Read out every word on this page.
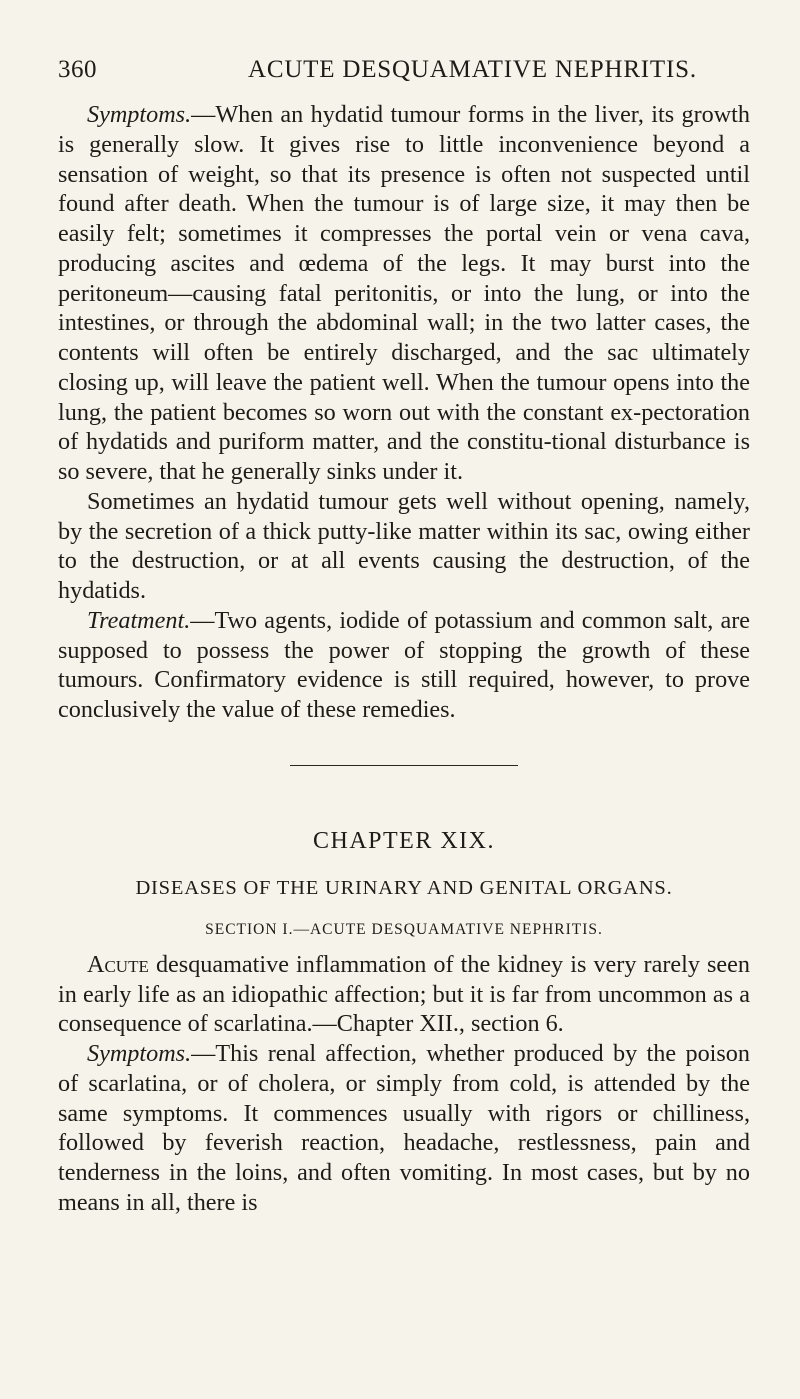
360	ACUTE DESQUAMATIVE NEPHRITIS.

Symptoms.—When an hydatid tumour forms in the liver, its growth is generally slow. It gives rise to little inconvenience beyond a sensation of weight, so that its presence is often not suspected until found after death. When the tumour is of large size, it may then be easily felt; sometimes it compresses the portal vein or vena cava, producing ascites and œdema of the legs. It may burst into the peritoneum—causing fatal peritonitis, or into the lung, or into the intestines, or through the abdominal wall; in the two latter cases, the contents will often be entirely discharged, and the sac ultimately closing up, will leave the patient well. When the tumour opens into the lung, the patient becomes so worn out with the constant ex-pectoration of hydatids and puriform matter, and the constitu-tional disturbance is so severe, that he generally sinks under it.

Sometimes an hydatid tumour gets well without opening, namely, by the secretion of a thick putty-like matter within its sac, owing either to the destruction, or at all events causing the destruction, of the hydatids.

Treatment.—Two agents, iodide of potassium and common salt, are supposed to possess the power of stopping the growth of these tumours. Confirmatory evidence is still required, however, to prove conclusively the value of these remedies.

CHAPTER XIX.
DISEASES OF THE URINARY AND GENITAL ORGANS.
SECTION I.—ACUTE DESQUAMATIVE NEPHRITIS.

Acute desquamative inflammation of the kidney is very rarely seen in early life as an idiopathic affection; but it is far from uncommon as a consequence of scarlatina.—Chapter XII., section 6.

Symptoms.—This renal affection, whether produced by the poison of scarlatina, or of cholera, or simply from cold, is attended by the same symptoms. It commences usually with rigors or chilliness, followed by feverish reaction, headache, restlessness, pain and tenderness in the loins, and often vomiting. In most cases, but by no means in all, there is
